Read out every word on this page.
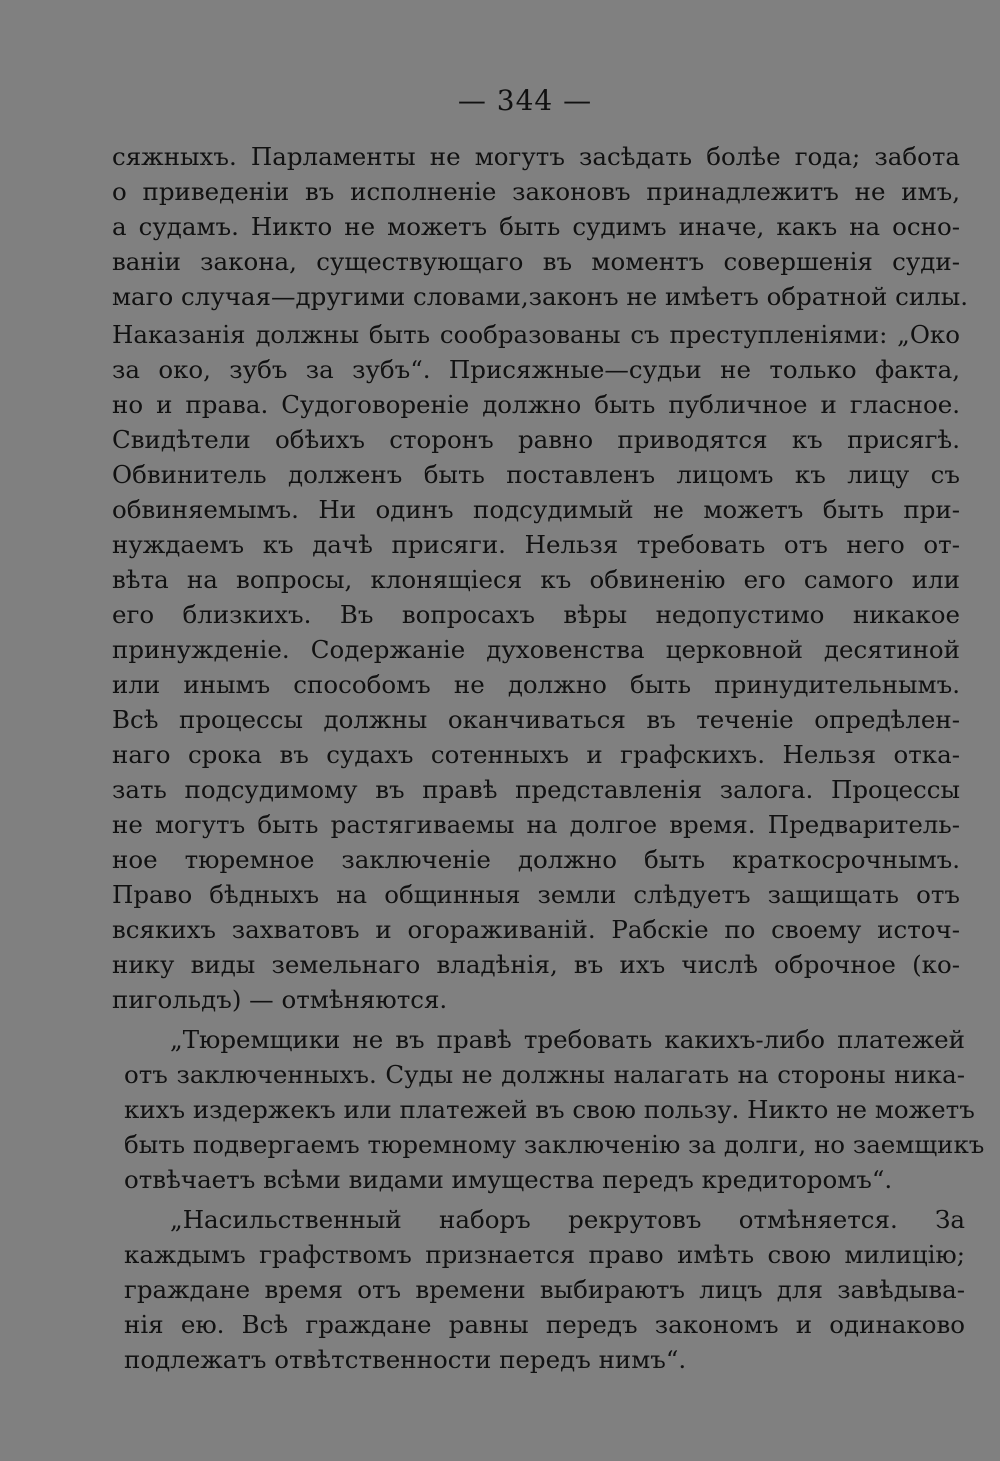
— 344 —
сяжныхъ. Парламенты не могутъ засѣдать болѣе года; забота
о приведеніи въ исполненіе законовъ принадлежитъ не имъ,
а судамъ. Никто не можетъ быть судимъ иначе, какъ на осно-
ваніи закона, существующаго въ моментъ совершенія суди-
маго случая—другими словами,законъ не имѣетъ обратной силы.
Наказанія должны быть сообразованы съ преступленіями: „Око
за око, зубъ за зубъ“. Присяжные—судьи не только факта,
но и права. Судоговореніе должно быть публичное и гласное.
Свидѣтели обѣихъ сторонъ равно приводятся къ присягѣ.
Обвинитель долженъ быть поставленъ лицомъ къ лицу съ
обвиняемымъ. Ни одинъ подсудимый не можетъ быть при-
нуждаемъ къ дачѣ присяги. Нельзя требовать отъ него от-
вѣта на вопросы, клонящіеся къ обвиненію его самого или
его близкихъ. Въ вопросахъ вѣры недопустимо никакое
принужденіе. Содержаніе духовенства церковной десятиной
или инымъ способомъ не должно быть принудительнымъ.
Всѣ процессы должны оканчиваться въ теченіе опредѣлен-
наго срока въ судахъ сотенныхъ и графскихъ. Нельзя отка-
зать подсудимому въ правѣ представленія залога. Процессы
не могутъ быть растягиваемы на долгое время. Предваритель-
ное тюремное заключеніе должно быть краткосрочнымъ.
Право бѣдныхъ на общинныя земли слѣдуетъ защищать отъ
всякихъ захватовъ и огораживаній. Рабскіе по своему источ-
нику виды земельнаго владѣнія, въ ихъ числѣ оброчное (ко-
пигольдъ) — отмѣняются.
„Тюремщики не въ правѣ требовать какихъ-либо платежей
отъ заключенныхъ. Суды не должны налагать на стороны ника-
кихъ издержекъ или платежей въ свою пользу. Никто не можетъ
быть подвергаемъ тюремному заключенію за долги, но заемщикъ
отвѣчаетъ всѣми видами имущества передъ кредиторомъ“.
„Насильственный наборъ рекрутовъ отмѣняется. За
каждымъ графствомъ признается право имѣть свою милицію;
граждане время отъ времени выбираютъ лицъ для завѣдыва-
нія ею. Всѣ граждане равны передъ закономъ и одинаково
подлежатъ отвѣтственности передъ нимъ“.
